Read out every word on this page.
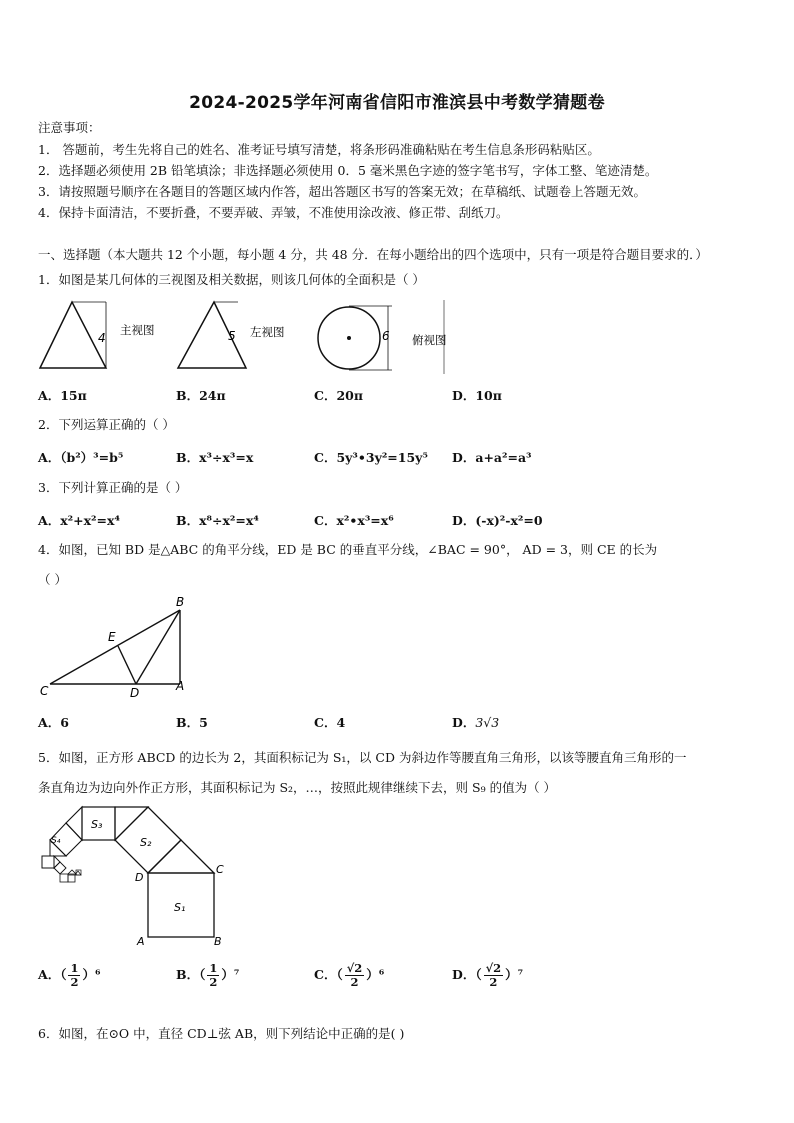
2024-2025学年河南省信阳市淮滨县中考数学猜题卷
注意事项：
1． 答题前，考生先将自己的姓名、准考证号填写清楚，将条形码准确粘贴在考生信息条形码粘贴区。
2．选择题必须使用 2B 铅笔填涂；非选择题必须使用 0．5 毫米黑色字迹的签字笔书写，字体工整、笔迹清楚。
3．请按照题号顺序在各题目的答题区域内作答，超出答题区书写的答案无效；在草稿纸、试题卷上答题无效。
4．保持卡面清洁，不要折叠，不要弄破、弄皱，不准使用涂改液、修正带、刮纸刀。
一、选择题（本大题共 12 个小题，每小题 4 分，共 48 分．在每小题给出的四个选项中，只有一项是符合题目要求的．）
1．如图是某几何体的三视图及相关数据，则该几何体的全面积是（ ）
4
主视图	5 左视图	6 俯视图
A．15π	B．24π	C．20π	D．10π
2．下列运算正确的（ ）
A．（b²）³=b⁵	B．x³÷x³=x	C．5y³•3y²=15y⁵ D．a+a²=a³
3．下列计算正确的是（ ）
A．x²+x²=x⁴	B．x⁸÷x²=x⁴	C．x²•x³=x⁶	D．(-x)²-x²=0
4．如图，已知 BD 是△ABC 的角平分线，ED 是 BC 的垂直平分线，∠BAC = 90°， AD = 3，则 CE 的长为
（ ）
B
E
C	D	A
A．6	B．5	C．4	D．3√3
5．如图，正方形 ABCD 的边长为 2，其面积标记为 S₁，以 CD 为斜边作等腰直角三角形，以该等腰直角三角形的一
条直角边为边向外作正方形，其面积标记为 S₂，…，按照此规律继续下去，则 S₉ 的值为（ ）
S₁
S₂
S₃
S₄
D
C
A	B
A．（ $\frac{1}{2} )^6$	B．（ $\frac{1}{2} )^7$	C．（ $\frac{√2}{2} )^6$	D．（ $\frac{√2}{2} )^7$
6．如图，在⊙O 中，直径 CD⊥弦 AB，则下列结论中正确的是( )
